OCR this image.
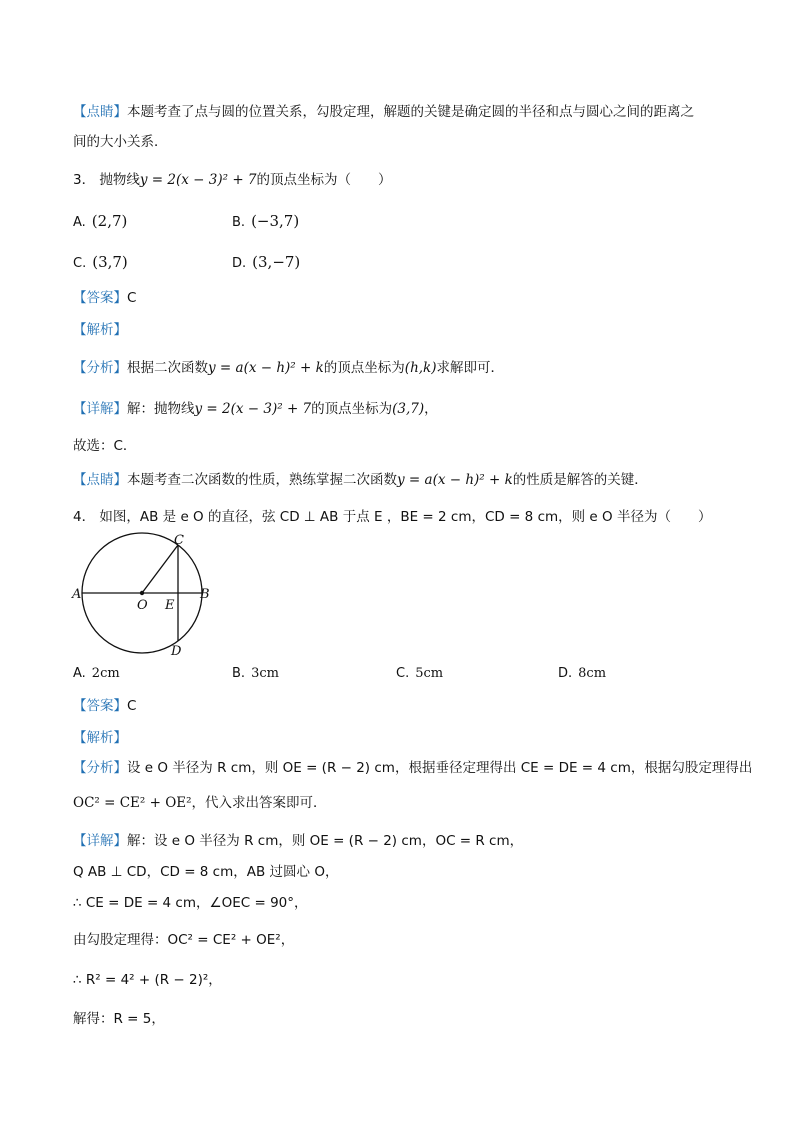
【点睛】本题考查了点与圆的位置关系，勾股定理，解题的关键是确定圆的半径和点与圆心之间的距离之
间的大小关系．
3． 抛物线y = 2(x − 3)² + 7的顶点坐标为（　　）
A. (2,7)	B. (−3,7)
C. (3,7)	D. (3,−7)
【答案】C
【解析】
【分析】根据二次函数y = a(x − h)² + k的顶点坐标为(h,k)求解即可．
【详解】解：抛物线y = 2(x − 3)² + 7的顶点坐标为(3,7)，
故选：C．
【点睛】本题考查二次函数的性质，熟练掌握二次函数y = a(x − h)² + k的性质是解答的关键．
4． 如图，AB 是 e O 的直径，弦 CD ⊥ AB 于点 E ，BE = 2 cm，CD = 8 cm，则 e O 半径为（　　）
A	B
C
D
O E
A. 2cm	B. 3cm	C. 5cm	D. 8cm
【答案】C
【解析】
【分析】设 e O 半径为 R cm，则 OE = (R − 2) cm，根据垂径定理得出 CE = DE = 4 cm，根据勾股定理得出
OC² = CE² + OE²，代入求出答案即可．
【详解】解：设 e O 半径为 R cm，则 OE = (R − 2) cm，OC = R cm，
Q AB ⊥ CD，CD = 8 cm，AB 过圆心 O，
∴ CE = DE = 4 cm，∠OEC = 90°，
由勾股定理得：OC² = CE² + OE²，
∴ R² = 4² + (R − 2)²，
解得：R = 5，
